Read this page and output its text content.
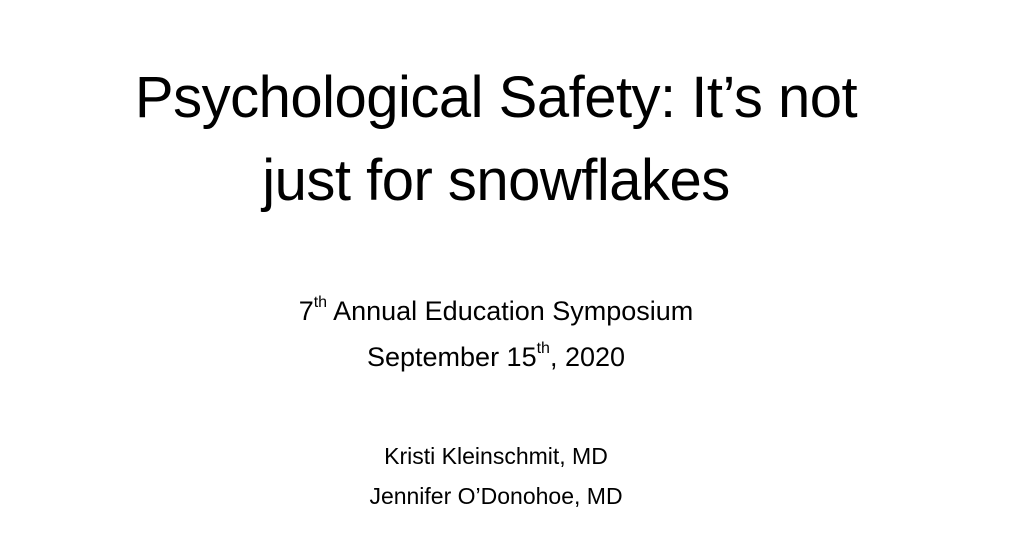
Psychological Safety: It’s not
just for snowflakes
7th Annual Education Symposium
September 15th, 2020
Kristi Kleinschmit, MD
Jennifer O’Donohoe, MD
